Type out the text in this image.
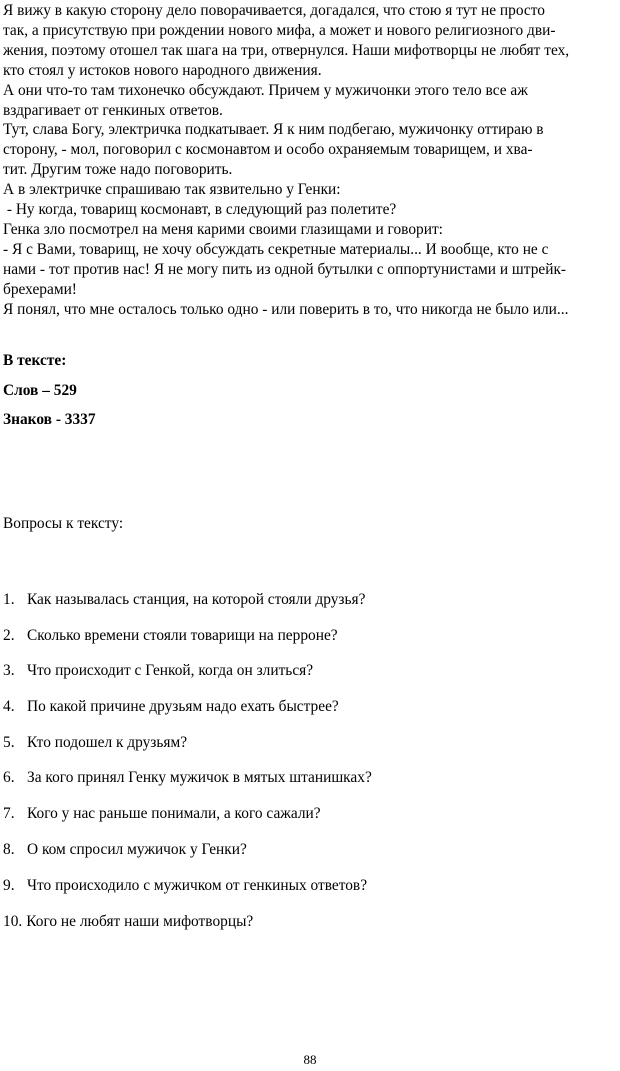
Я вижу в какую сторону дело поворачивается, догадался, что стою я тут не просто

так, а присутствую при рождении нового мифа, а может и нового религиозного дви-

жения, поэтому отошел так шага на три, отвернулся. Наши мифотворцы не любят тех,

кто стоял у истоков нового народного движения.

А они что-то там тихонечко обсуждают. Причем у мужичонки этого тело все аж

вздрагивает от генкиных ответов.

Тут, слава Богу, электричка подкатывает. Я к ним подбегаю, мужичонку оттираю в

сторону, - мол, поговорил с космонавтом и особо охраняемым товарищем, и хва-

тит. Другим тоже надо поговорить.

А в электричке спрашиваю так язвительно у Генки:

- Ну когда, товарищ космонавт, в следующий раз полетите?

Генка зло посмотрел на меня карими своими глазищами и говорит:

- Я с Вами, товарищ, не хочу обсуждать секретные материалы... И вообще, кто не с

нами - тот против нас! Я не могу пить из одной бутылки с оппортунистами и штрейк-

брехерами!

Я понял, что мне осталось только одно - или поверить в то, что никогда не было или...

В тексте:

Слов – 529

Знаков - 3337

Вопросы к тексту:

1. Как называлась станция, на которой стояли друзья?

2. Сколько времени стояли товарищи на перроне?

3. Что происходит с Генкой, когда он злиться?

4. По какой причине друзьям надо ехать быстрее?

5. Кто подошел к друзьям?

6. За кого принял Генку мужичок в мятых штанишках?

7. Кого у нас раньше понимали, а кого сажали?

8. О ком спросил мужичок у Генки?

9. Что происходило с мужичком от генкиных ответов?

10. Кого не любят наши мифотворцы?

88
